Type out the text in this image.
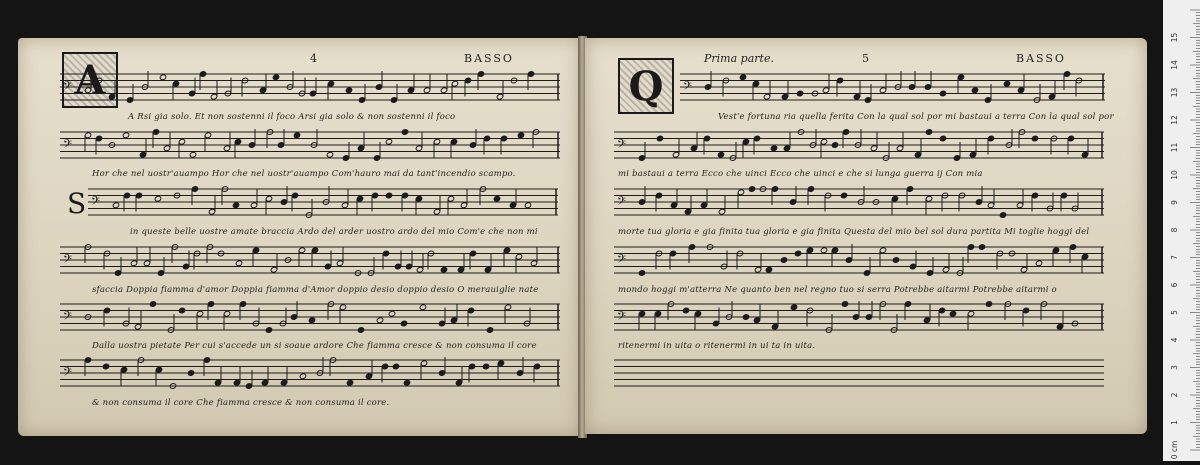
4	BASSO
A
S
Prima parte.	5	BASSO
Q
𝄢
A Rsi gia solo. Et non sostenni il foco Arsi gia solo & non sostenni il foco
𝄢
Hor che nel uostr'auampo Hor che nel uostr'auampo Com'hauro mai da tant'incendio scampo.
𝄢
in queste belle uostre amate braccia Ardo del arder uostro ardo del mio Com'e che non mi
𝄢
sfaccia Doppia fiamma d'amor Doppia fiamma d'Amor doppio desio doppio desio O merauiglie nate
𝄢
Dalla uostra pietate Per cui s'accede un si soaue ardore Che fiamma cresce & non consuma il core
𝄢
& non consuma il core Che fiamma cresce & non consuma il core.
𝄢
Vest'e fortuna ria quella ferita Con la qual sol por mi bastaui a terra Con la qual sol por
𝄢
mi bastaui a terra Ecco che uinci Ecco che uinci e che si lunga guerra ij Con mia
𝄢
morte tua gloria e gia finita tua gloria e gia finita Questa del mio bel sol dura partita Mi toglie hoggi del
𝄢
mondo hoggi m'atterra Ne quanto ben nel regno tuo si serra Potrebbe aitarmi Potrebbe aitarmi o
𝄢
ritenermi in uita o ritenermi in ui ta in uita.
15
14
13
12
11
10
9
8
7
6
5
4
3
2
1
0 cm
